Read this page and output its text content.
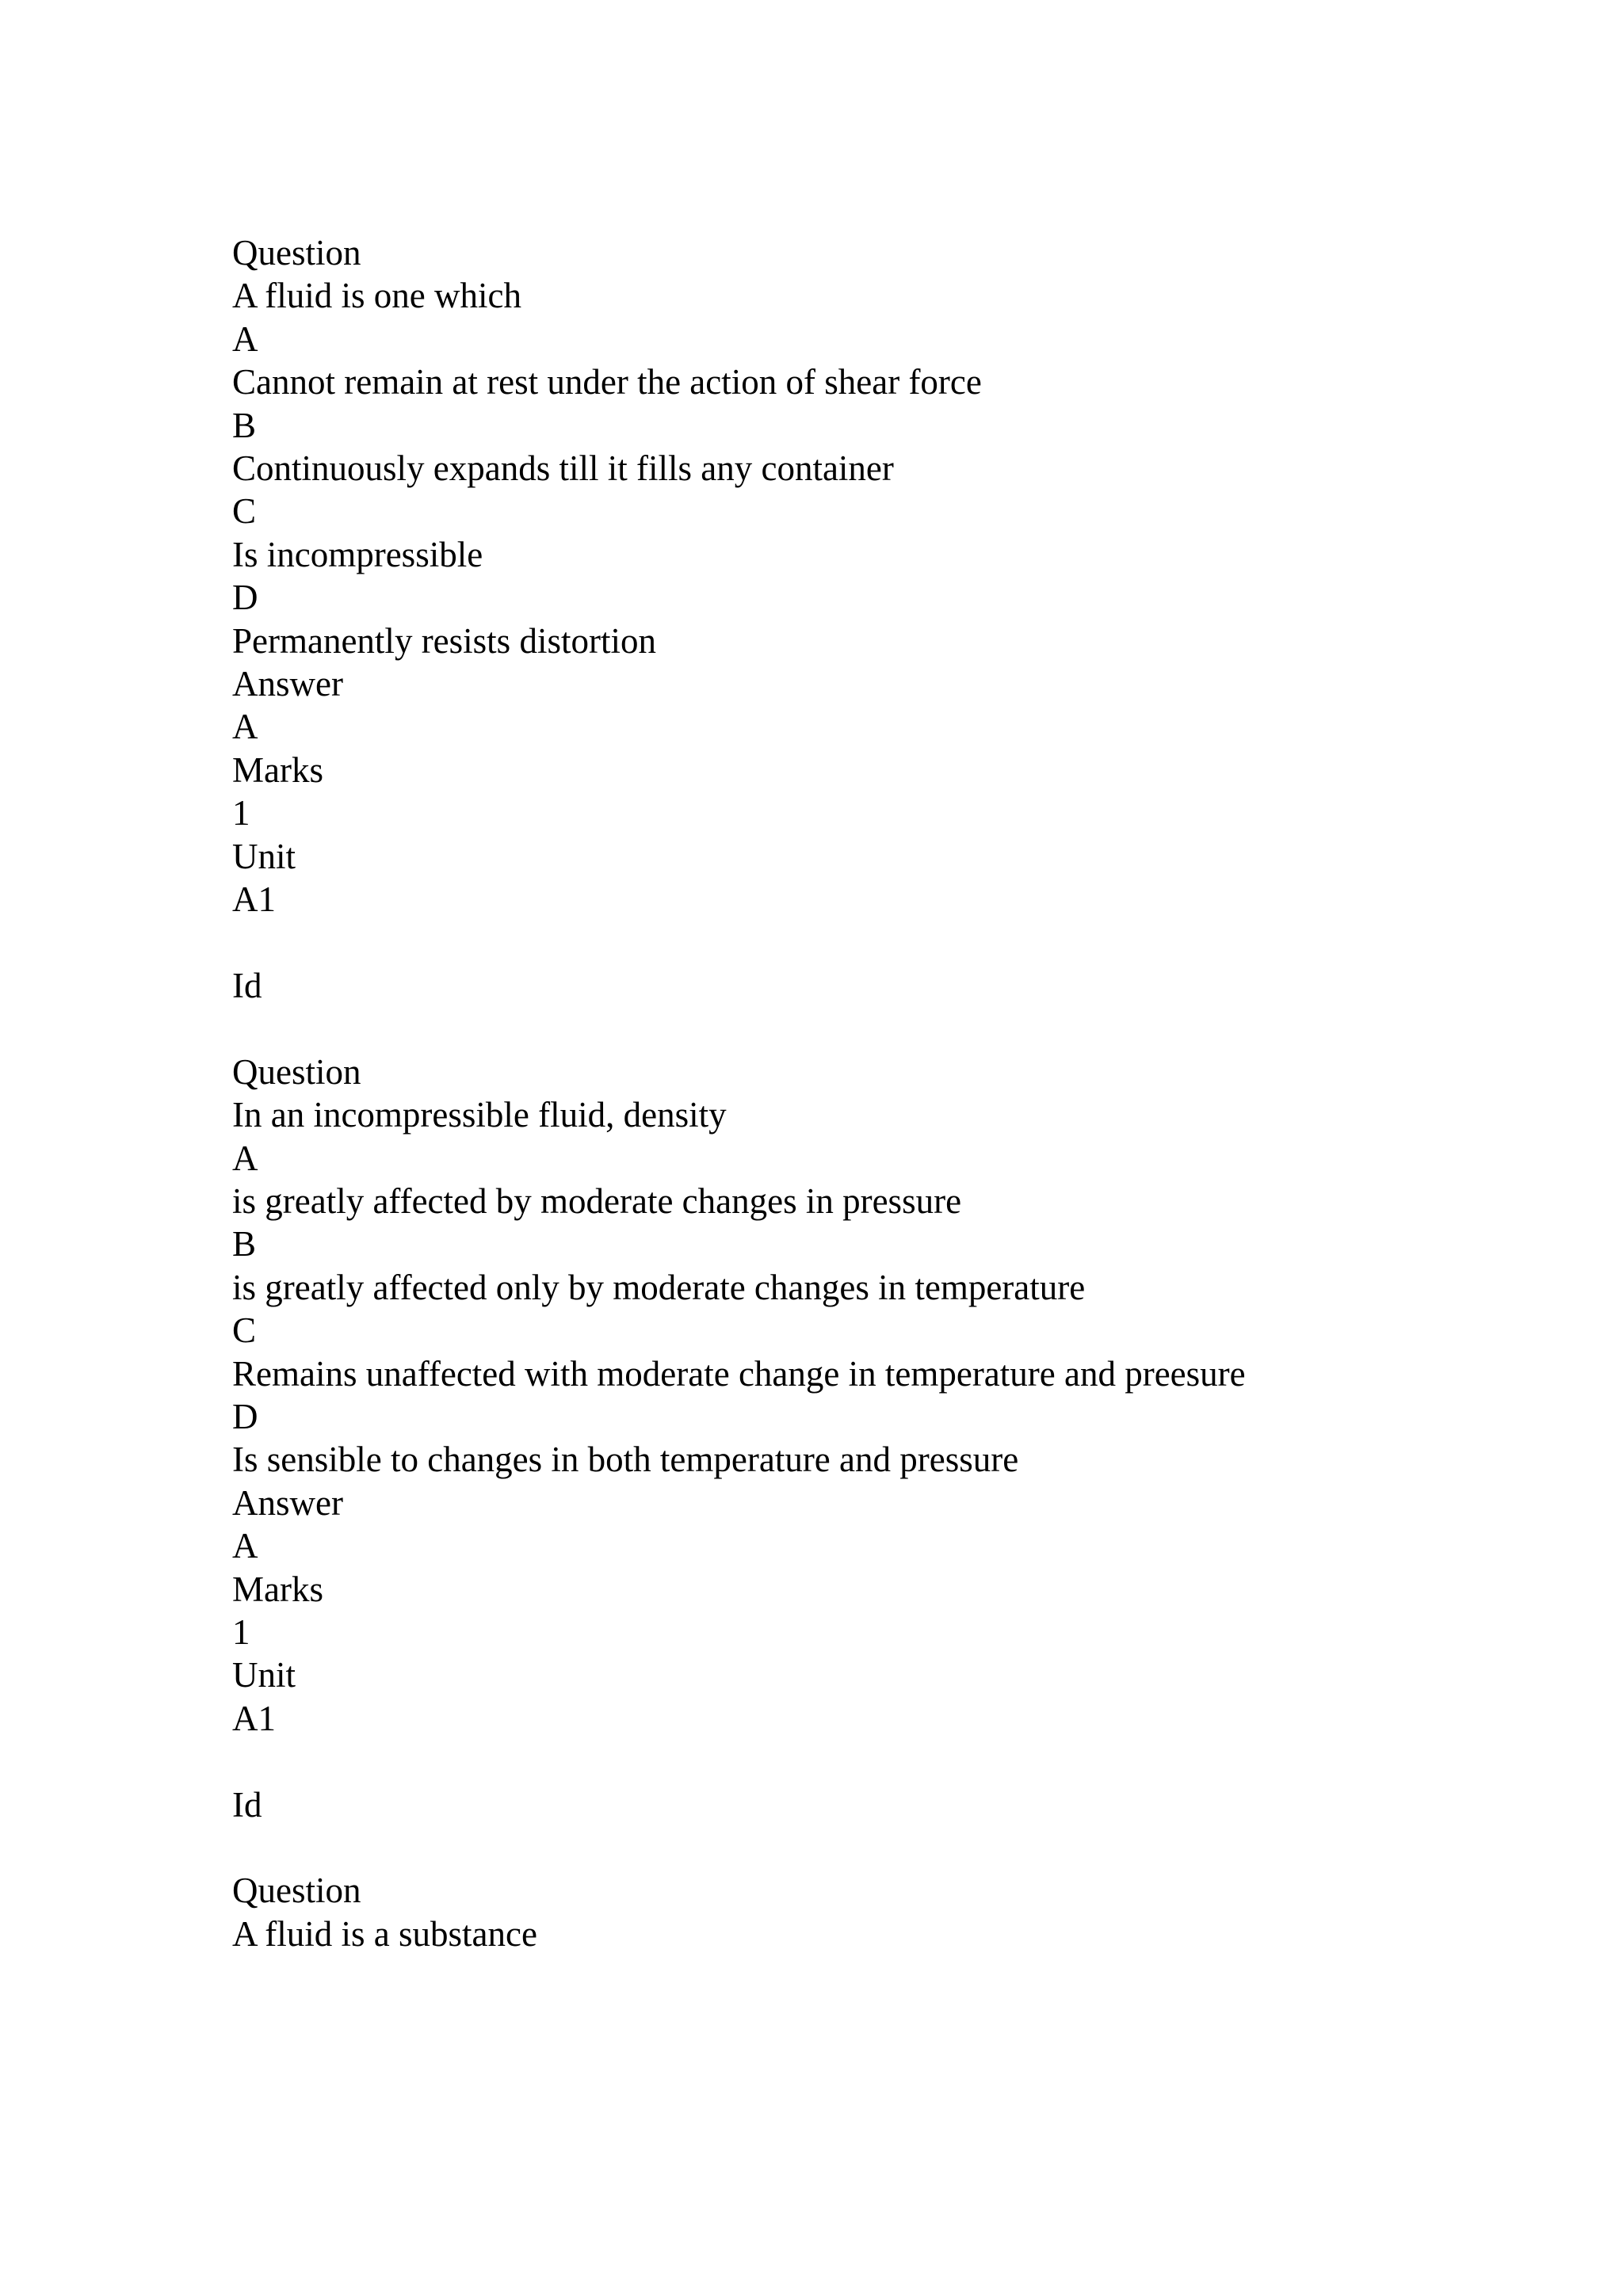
Question
A fluid is one which
A
Cannot remain at rest under the action of shear force
B
Continuously expands till it fills any container
C
Is incompressible
D
Permanently resists distortion
Answer
A
Marks
1
Unit
A1
Id
Question
In an incompressible fluid, density
A
is greatly affected by moderate changes in pressure
B
is greatly affected only by moderate changes in temperature
C
Remains unaffected with moderate change in temperature and preesure
D
Is sensible to changes in both temperature and pressure
Answer
A
Marks
1
Unit
A1
Id
Question
A fluid is a substance
